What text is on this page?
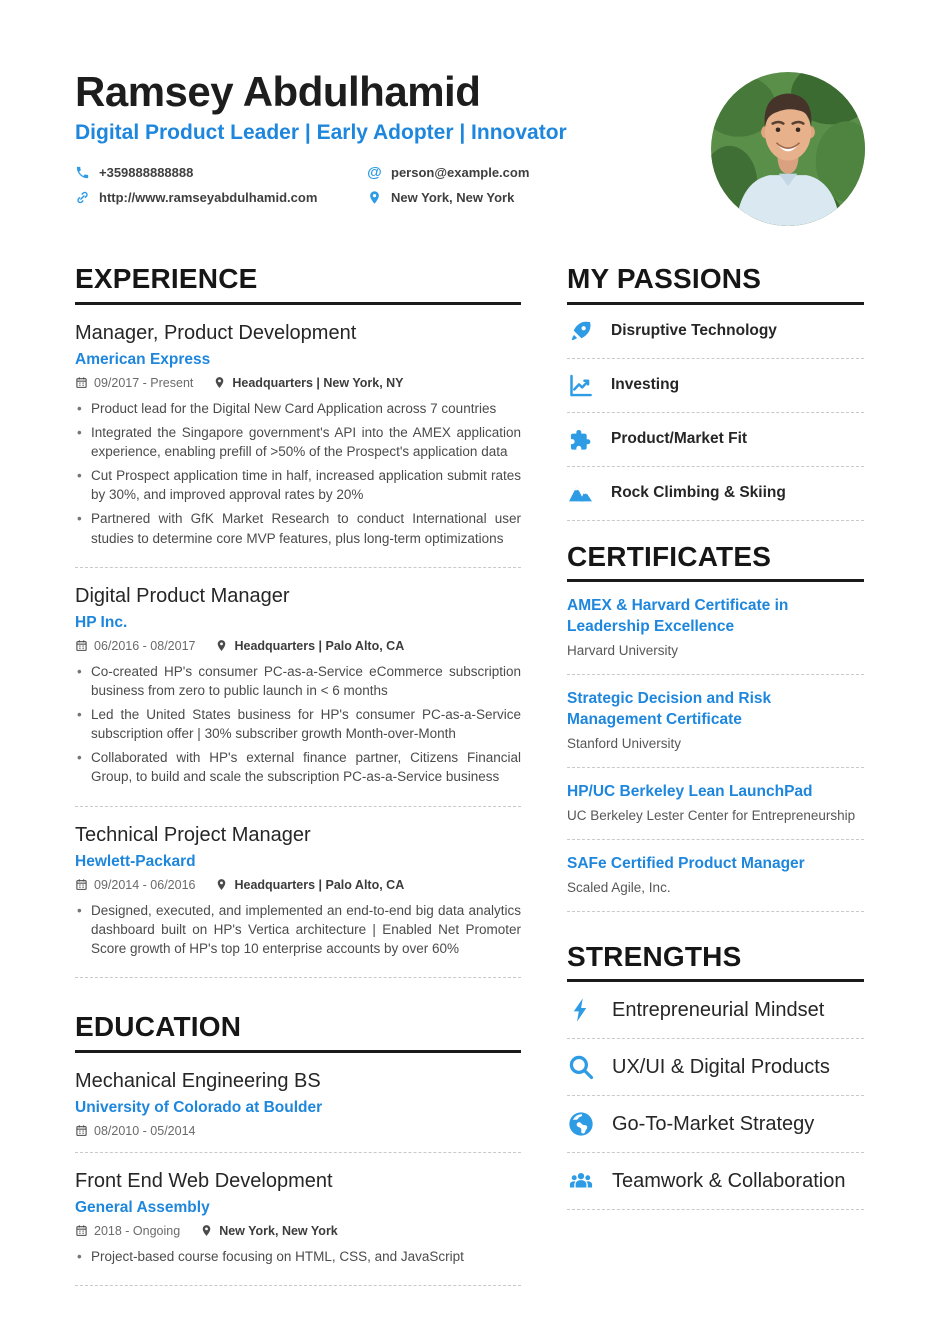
Ramsey Abdulhamid
Digital Product Leader | Early Adopter | Innovator
+359888888888	@ person@example.com
http://www.ramseyabdulhamid.com	New York, New York
EXPERIENCE
Manager, Product Development
American Express
09/2017 - Present	Headquarters | New York, NY
• Product lead for the Digital New Card Application across 7 countries
• Integrated the Singapore government's API into the AMEX application experience, enabling prefill of >50% of the Prospect's application data
• Cut Prospect application time in half, increased application submit rates by 30%, and improved approval rates by 20%
• Partnered with GfK Market Research to conduct International user studies to determine core MVP features, plus long-term optimizations
Digital Product Manager
HP Inc.
06/2016 - 08/2017	Headquarters | Palo Alto, CA
• Co-created HP's consumer PC-as-a-Service eCommerce subscription business from zero to public launch in < 6 months
• Led the United States business for HP's consumer PC-as-a-Service subscription offer | 30% subscriber growth Month-over-Month
• Collaborated with HP's external finance partner, Citizens Financial Group, to build and scale the subscription PC-as-a-Service business
Technical Project Manager
Hewlett-Packard
09/2014 - 06/2016	Headquarters | Palo Alto, CA
• Designed, executed, and implemented an end-to-end big data analytics dashboard built on HP's Vertica architecture | Enabled Net Promoter Score growth of HP's top 10 enterprise accounts by over 60%
EDUCATION
Mechanical Engineering BS
University of Colorado at Boulder
08/2010 - 05/2014
Front End Web Development
General Assembly
2018 - Ongoing	New York, New York
• Project-based course focusing on HTML, CSS, and JavaScript
MY PASSIONS
Disruptive Technology
Investing
Product/Market Fit
Rock Climbing & Skiing
CERTIFICATES
AMEX & Harvard Certificate in Leadership Excellence
Harvard University
Strategic Decision and Risk Management Certificate
Stanford University
HP/UC Berkeley Lean LaunchPad
UC Berkeley Lester Center for Entrepreneurship
SAFe Certified Product Manager
Scaled Agile, Inc.
STRENGTHS
Entrepreneurial Mindset
UX/UI & Digital Products
Go-To-Market Strategy
Teamwork & Collaboration
